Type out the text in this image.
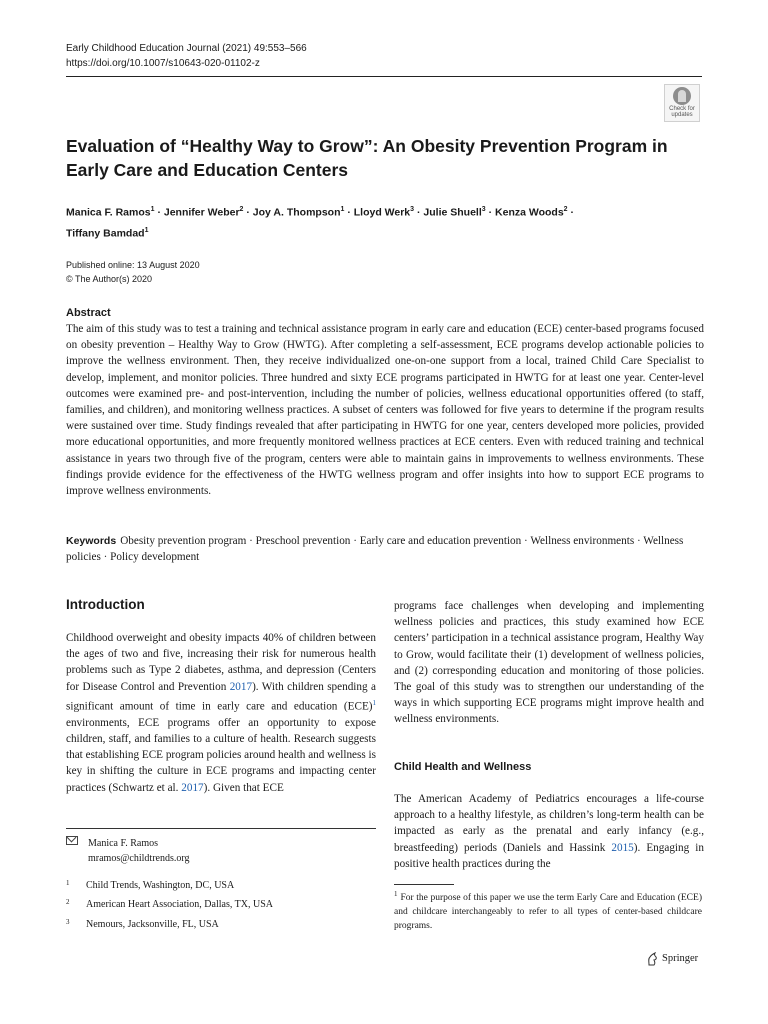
Early Childhood Education Journal (2021) 49:553–566
https://doi.org/10.1007/s10643-020-01102-z
Check for updates
Evaluation of “Healthy Way to Grow”: An Obesity Prevention Program in Early Care and Education Centers
Manica F. Ramos$^1$ · Jennifer Weber$^2$ · Joy A. Thompson$^1$ · Lloyd Werk$^3$ · Julie Shuell$^3$ · Kenza Woods$^2$ ·
Tiffany Bamdad$^1$
Published online: 13 August 2020
© The Author(s) 2020
Abstract
The aim of this study was to test a training and technical assistance program in early care and education (ECE) center-based programs focused on obesity prevention – Healthy Way to Grow (HWTG). After completing a self-assessment, ECE programs develop actionable policies to improve the wellness environment. Then, they receive individualized one-on-one support from a local, trained Child Care Specialist to develop, implement, and monitor policies. Three hundred and sixty ECE programs participated in HWTG for at least one year. Center-level outcomes were examined pre- and post-intervention, including the number of policies, wellness educational opportunities offered (to staff, families, and children), and monitoring wellness practices. A subset of centers was followed for five years to determine if the program results were sustained over time. Study findings revealed that after participating in HWTG for one year, centers developed more policies, provided more educational opportunities, and more frequently monitored wellness practices at ECE centers. Even with reduced training and technical assistance in years two through five of the program, centers were able to maintain gains in improvements to wellness environments. These findings provide evidence for the effectiveness of the HWTG wellness program and offer insights into how to support ECE programs to improve wellness environments.
Keywords Obesity prevention program · Preschool prevention · Early care and education prevention · Wellness environments · Wellness policies · Policy development
Introduction
Childhood overweight and obesity impacts 40% of children between the ages of two and five, increasing their risk for numerous health problems such as Type 2 diabetes, asthma, and depression (Centers for Disease Control and Prevention 2017). With children spending a significant amount of time in early care and education (ECE)$^1$ environments, ECE programs offer an opportunity to expose children, staff, and families to a culture of health. Research suggests that establishing ECE program policies around health and wellness is key in shifting the culture in ECE programs and impacting center practices (Schwartz et al. 2017). Given that ECE
programs face challenges when developing and implementing wellness policies and practices, this study examined how ECE centers’ participation in a technical assistance program, Healthy Way to Grow, would facilitate their (1) development of wellness policies, and (2) corresponding education and monitoring of those policies. The goal of this study was to strengthen our understanding of the ways in which supporting ECE programs might improve health and wellness environments.
Child Health and Wellness
The American Academy of Pediatrics encourages a life-course approach to a healthy lifestyle, as children’s long-term health can be impacted as early as the prenatal and early infancy (e.g., breastfeeding) periods (Daniels and Hassink 2015). Engaging in positive health practices during the
Manica F. Ramos
mramos@childtrends.org
1 Child Trends, Washington, DC, USA
2 American Heart Association, Dallas, TX, USA
3 Nemours, Jacksonville, FL, USA
$^1$ For the purpose of this paper we use the term Early Care and Education (ECE) and childcare interchangeably to refer to all types of center-based childcare programs.
Springer
